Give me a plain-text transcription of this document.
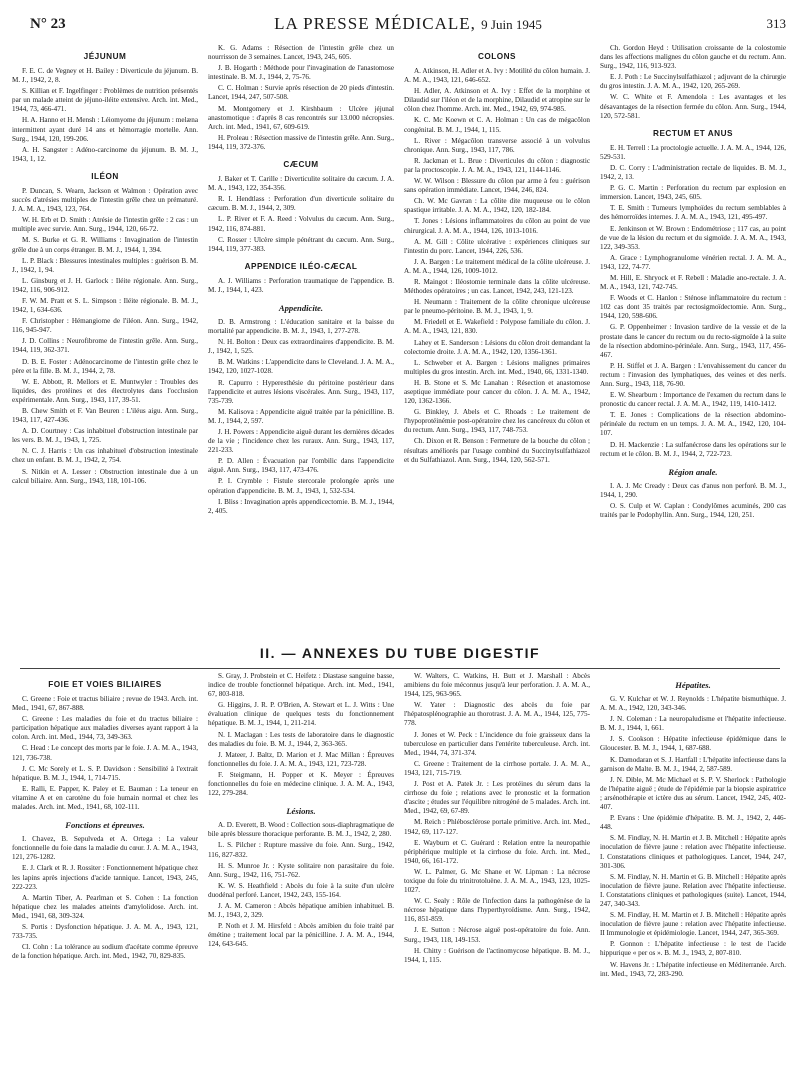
N° 23	LA PRESSE MÉDICALE, 9 Juin 1945	313
JÉJUNUM

F. E. C. de Vegney et H. Bailey : Diverticule du jéjunum. B. M. J., 1942, 2, 8.

S. Killian et F. Ingelfinger : Problèmes de nutrition présentés par un malade atteint de jéjuno-iléite extensive. Arch. int. Med., 1944, 73, 466-471.

H. A. Hanno et H. Mensh : Léiomyome du jéjunum : melæna intermittent ayant duré 14 ans et hémorragie mortelle. Ann. Surg., 1944, 120, 199-206.

A. H. Sangster : Adéno-carcinome du jéjunum. B. M. J., 1943, 1, 12.

ILÉON

P. Duncan, S. Wearn, Jackson et Walmon : Opération avec succès d'atrésies multiples de l'intestin grêle chez un prématuré. J. A. M. A., 1943, 123, 764.

W. H. Erb et D. Smith : Atrésie de l'intestin grêle : 2 cas : un multiple avec survie. Ann. Surg., 1944, 120, 66-72.

M. S. Burke et G. R. Williams : Invagination de l'intestin grêle due à un corps étranger. B. M. J., 1944, 1, 394.

L. P. Black : Blessures intestinales multiples : guérison B. M. J., 1942, 1, 94.

L. Ginsburg et J. H. Garlock : Iléite régionale. Ann. Surg., 1942, 116, 906-912.

F. W. M. Pratt et S. L. Simpson : Iléite régionale. B. M. J., 1942, 1, 634-636.

F. Christopher : Hémangiome de l'iléon. Ann. Surg., 1942, 116, 945-947.

J. D. Collins : Neurofibrome de l'intestin grêle. Ann. Surg., 1944, 119, 362-371.

D. B. E. Foster : Adénocarcinome de l'intestin grêle chez le père et la fille. B. M. J., 1944, 2, 78.

W. E. Abbott, R. Mellors et E. Muntwyler : Troubles des liquides, des protéines et des électrolytes dans l'occlusion expérimentale. Ann. Surg., 1943, 117, 39-51.

B. Chew Smith et F. Van Beuren : L'iléus aigu. Ann. Surg., 1943, 117, 427-436.

A. D. Courtney : Cas inhabituel d'obstruction intestinale par les vers. B. M. J., 1943, 1, 725.

N. C. J. Harris : Un cas inhabituel d'obstruction intestinale chez un enfant. B. M. J., 1942, 2, 754.

S. Nitkin et A. Lesser : Obstruction intestinale due à un calcul biliaire. Ann. Surg., 1943, 118, 101-106.

K. G. Adams : Résection de l'intestin grêle chez un nourrisson de 3 semaines. Lancet, 1943, 245, 605.

J. B. Hogarth : Méthode pour l'invagination de l'anastomose intestinale. B. M. J., 1944, 2, 75-76.

C. C. Holman : Survie après résection de 20 pieds d'intestin. Lancet, 1944, 247, 507-508.

M. Montgomery et J. Kirshbaum : Ulcère jéjunal anastomotique : d'après 8 cas rencontrés sur 13.000 nécropsies. Arch. int. Med., 1941, 67, 609-619.

H. Proleau : Résection massive de l'intestin grêle. Ann. Surg., 1944, 119, 372-376.

CÆCUM

J. Baker et T. Carille : Diverticulite solitaire du cæcum. J. A. M. A., 1943, 122, 354-356.

R. I. Hendtlass : Perforation d'un diverticule solitaire du cæcum. B. M. J., 1944, 2, 309.

L. P. River et F. A. Reed : Volvulus du cæcum. Ann. Surg., 1942, 116, 874-881.

C. Rosser : Ulcère simple pénétrant du cæcum. Ann. Surg., 1944, 119, 377-383.

APPENDICE ILÉO-CÆCAL

A. J. Williams : Perforation traumatique de l'appendice. B. M. J., 1944, 1, 423.

Appendicite.

D. B. Armstrong : L'éducation sanitaire et la baisse du mortalité par appendicite. B. M. J., 1943, 1, 277-278.

N. H. Bolton : Deux cas extraordinaires d'appendicite. B. M. J., 1942, 1, 525.

B. M. Watkins : L'appendicite dans le Cleveland. J. A. M. A., 1942, 120, 1027-1028.

R. Capurro : Hyperesthésie du péritoine postérieur dans l'appendicite et autres lésions viscérales. Ann. Surg., 1943, 117, 735-739.

M. Kalisova : Appendicite aiguë traitée par la pénicilline. B. M. J., 1944, 2, 597.

J. H. Powers : Appendicite aiguë durant les dernières décades de la vie ; l'incidence chez les ruraux. Ann. Surg., 1943, 117, 221-233.

P. D. Allen : Évacuation par l'ombilic dans l'appendicite aiguë. Ann. Surg., 1943, 117, 473-476.

P. I. Crymble : Fistule stercorale prolongée après une opération d'appendicite. B. M. J., 1943, 1, 532-534.

I. Bliss : Invagination après appendicectomie. B. M. J., 1944, 2, 405.

COLONS

A. Atkinson, H. Adler et A. Ivy : Motilité du côlon humain. J. A. M. A., 1943, 121, 646-652.

H. Adler, A. Atkinson et A. Ivy : Effet de la morphine et Dilaudid sur l'iléon et de la morphine, Dilaudid et atropine sur le côlon chez l'homme. Arch. int. Med., 1942, 69, 974-985.

K. C. Mc Koewn et C. A. Holman : Un cas de mégacôlon congénital. B. M. J., 1944, 1, 115.

L. River : Mégacôlon transverse associé à un volvulus chronique. Ann. Surg., 1943, 117, 786.

R. Jackman et L. Brue : Diverticules du côlon : diagnostic par la proctoscopie. J. A. M. A., 1943, 121, 1144-1146.

W. W. Wilson : Blessure du côlon par arme à feu : guérison sans opération immédiate. Lancet, 1944, 246, 824.

Ch. W. Mc Gavran : La côlite dite muqueuse ou le côlon spastique irritable. J. A. M. A., 1942, 120, 182-184.

T. Jones : Lésions inflammatoires du côlon au point de vue chirurgical. J. A. M. A., 1944, 126, 1013-1016.

A. M. Gill : Côlite ulcérative : expériences cliniques sur l'intestin du porc. Lancet, 1944, 226, 536.

J. A. Bargen : Le traitement médical de la côlite ulcéreuse. J. A. M. A., 1944, 126, 1009-1012.

R. Maingot : Iléostomie terminale dans la côlite ulcéreuse. Méthodes opératoires ; un cas. Lancet, 1942, 243, 121-123.

H. Neumann : Traitement de la côlite chronique ulcéreuse par le pneumo-péritoine. B. M. J., 1943, 1, 9.

M. Friedell et E. Wakefield : Polypose familiale du côlon. J. A. M. A., 1943, 121, 830.

Lahey et E. Sanderson : Lésions du côlon droit demandant la colectomie droite. J. A. M. A., 1942, 120, 1356-1361.

L. Schweber et A. Bargen : Lésions malignes primaires multiples du gros intestin. Arch. int. Med., 1940, 66, 1331-1340.

H. B. Stone et S. Mc Lanahan : Résection et anastomose aseptique immédiate pour cancer du côlon. J. A. M. A., 1942, 120, 1362-1366.

G. Binkley, J. Abels et C. Rhoads : Le traitement de l'hypoprotéinémie post-opératoire chez les cancéreux du côlon et du rectum. Ann. Surg., 1943, 117, 748-753.

Ch. Dixon et R. Benson : Fermeture de la bouche du côlon ; résultats améliorés par l'usage combiné du Succinylsulfathiazol et du Sulfathiazol. Ann. Surg., 1944, 120, 562-571.

Ch. Gordon Heyd : Utilisation croissante de la colostomie dans les affections malignes du côlon gauche et du rectum. Ann. Surg., 1942, 116, 913-923.

E. J. Poth : Le Succinylsulfathiazol ; adjuvant de la chirurgie du gros intestin. J. A. M. A., 1942, 120, 265-269.

W. C. White et F. Amendola : Les avantages et les désavantages de la résection fermée du côlon. Ann. Surg., 1944, 120, 572-581.

RECTUM ET ANUS

E. H. Terrell : La proctologie actuelle. J. A. M. A., 1944, 126, 529-531.

D. C. Corry : L'administration rectale de liquides. B. M. J., 1942, 2, 13.

P. G. C. Martin : Perforation du rectum par explosion en immersion. Lancet, 1943, 245, 605.

T. E. Smith : Tumeurs lymphoïdes du rectum semblables à des hémorroïdes internes. J. A. M. A., 1943, 121, 495-497.

E. Jenkinson et W. Brown : Endométriose ; 117 cas, au point de vue de la lésion du rectum et du sigmoïde. J. A. M. A., 1943, 122, 349-353.

A. Grace : Lymphogranulome vénérien rectal. J. A. M. A., 1943, 122, 74-77.

M. Hill, E. Shryock et F. Rebell : Maladie ano-rectale. J. A. M. A., 1943, 121, 742-745.

F. Woods et C. Hanlon : Sténose inflammatoire du rectum : 102 cas dont 35 traités par rectosigmoïdectomie. Ann. Surg., 1944, 120, 598-606.

G. P. Oppenheimer : Invasion tardive de la vessie et de la prostate dans le cancer du rectum ou du recto-sigmoïde à la suite de la résection abdomino-périnéale. Ann. Surg., 1943, 117, 456-467.

P. H. Stiffel et J. A. Bargen : L'envahissement du cancer du rectum : l'invasion des lymphatiques, des veines et des nerfs. Ann. Surg., 1943, 118, 76-90.

E. W. Shearburn : Importance de l'examen du rectum dans le pronostic du cancer rectal. J. A. M. A., 1942, 119, 1410-1412.

T. E. Jones : Complications de la résection abdomino-périnéale du rectum en un temps. J. A. M. A., 1942, 120, 104-107.

D. H. Mackenzie : La sulfanécrose dans les opérations sur le rectum et le côlon. B. M. J., 1944, 2, 722-723.

Région anale.

I. A. J. Mc Cready : Deux cas d'anus non perforé. B. M. J., 1944, 1, 290.

O. S. Culp et W. Caplan : Condylômes acuminés, 200 cas traités par le Podophyllin. Ann. Surg., 1944, 120, 251.

II. — ANNEXES DU TUBE DIGESTIF
FOIE ET VOIES BILIAIRES

C. Greene : Foie et tractus biliaire ; revue de 1943. Arch. int. Med., 1941, 67, 867-888.

C. Greene : Les maladies du foie et du tractus biliaire : participation hépatique aux maladies diverses ayant rapport à la colon. Arch. int. Med., 1944, 73, 349-363.

C. Head : Le concept des morts par le foie. J. A. M. A., 1943, 121, 736-738.

J. C. Mc Sorely et L. S. P. Davidson : Sensibilité à l'extrait hépatique. B. M. J., 1944, 1, 714-715.

E. Ralli, E. Papper, K. Paley et E. Bauman : La teneur en vitamine A et en carotène du foie humain normal et chez les malades. Arch. int. Med., 1941, 68, 102-111.

Fonctions et épreuves.

I. Chavez, B. Sepulveda et A. Ortega : La valeur fonctionnelle du foie dans la maladie du cœur. J. A. M. A., 1943, 121, 276-1282.

E. J. Clark et R. J. Rossiter : Fonctionnement hépatique chez les lapins après injections d'acide tannique. Lancet, 1943, 245, 222-223.

A. Martin Tiber, A. Pearlman et S. Cohen : La fonction hépatique chez les malades atteints d'amylolidose. Arch. int. Med., 1941, 68, 309-324.

S. Portis : Dysfonction hépatique. J. A. M. A., 1943, 121, 733-735.

Cl. Cohn : La tolérance au sodium d'acétate comme épreuve de la fonction hépatique. Arch. int. Med., 1942, 70, 829-835.

S. Gray, J. Probstein et C. Heifetz : Diastase sanguine basse, indice de trouble fonctionnel hépatique. Arch. int. Med., 1941, 67, 803-818.

G. Higgins, J. R. P. O'Brien, A. Stewart et L. J. Witts : Une évaluation clinique de quelques tests du fonctionnement hépatique. B. M. J., 1944, 1, 211-214.

N. I. Maclagan : Les tests de laboratoire dans le diagnostic des maladies du foie. B. M. J., 1944, 2, 363-365.

J. Mateer, J. Baltz, D. Marion et J. Mac Millan : Épreuves fonctionnelles du foie. J. A. M. A., 1943, 121, 723-728.

F. Steigmann, H. Popper et K. Meyer : Épreuves fonctionnelles du foie en médecine clinique. J. A. M. A., 1943, 122, 279-284.

Lésions.

A. D. Everett, B. Wood : Collection sous-diaphragmatique de bile après blessure thoracique perforante. B. M. J., 1942, 2, 280.

L. S. Pilcher : Rupture massive du foie. Ann. Surg., 1942, 116, 827-832.

H. S. Munroe Jr. : Kyste solitaire non parasitaire du foie. Ann. Surg., 1942, 116, 751-762.

K. W. S. Heathfield : Abcès du foie à la suite d'un ulcère duodénal perforé. Lancet, 1942, 243, 155-164.

J. A. M. Cameron : Abcès hépatique amibien inhabituel. B. M. J., 1943, 2, 329.

P. Noth et J. M. Hirsfeld : Abcès amibien du foie traité par émétine ; traitement local par la pénicilline. J. A. M. A., 1944, 124, 643-645.

W. Walters, C. Watkins, H. Butt et J. Marshall : Abcès amibiens du foie méconnus jusqu'à leur perforation. J. A. M. A., 1944, 125, 963-965.

W. Yater : Diagnostic des abcès du foie par l'hépatosplénographie au thorotrast. J. A. M. A., 1944, 125, 775-778.

J. Jones et W. Peck : L'incidence du foie graisseux dans la tuberculose en particulier dans l'entérite tuberculeuse. Arch. int. Med., 1944, 74, 371-374.

C. Greene : Traitement de la cirrhose portale. J. A. M. A., 1943, 121, 715-719.

J. Post et A. Patek Jr. : Les protéines du sérum dans la cirrhose du foie ; relations avec le pronostic et la formation d'ascite ; études sur l'équilibre nitrogéné de 5 malades. Arch. int. Med., 1942, 69, 67-89.

M. Reich : Phlébosclérose portale primitive. Arch. int. Med., 1942, 69, 117-127.

E. Wayburn et C. Guérard : Relation entre la neuropathie périphérique multiple et la cirrhose du foie. Arch. int. Med., 1940, 66, 161-172.

W. L. Palmer, G. Mc Shane et W. Lipman : La nécrose toxique du foie du trinitrotoluène. J. A. M. A., 1943, 123, 1025-1027.

W. C. Sealy : Rôle de l'infection dans la pathogénèse de la nécrose hépatique dans l'hyperthyroïdisme. Ann. Surg., 1942, 116, 851-859.

J. E. Sutton : Nécrose aiguë post-opératoire du foie. Ann. Surg., 1943, 118, 149-153.

H. Chitty : Guérison de l'actinomycose hépatique. B. M. J., 1944, 1, 115.

Hépatites.

G. V. Kulchar et W. J. Reynolds : L'hépatite bismuthique. J. A. M. A., 1942, 120, 343-346.

J. N. Coleman : La neuropaludisme et l'hépatite infectieuse. B. M. J., 1944, 1, 661.

J. S. Cookson : Hépatite infectieuse épidémique dans le Gloucester. B. M. J., 1944, 1, 687-688.

K. Damodaran et S. J. Hartfall : L'hépatite infectieuse dans la garnison de Malte. B. M. J., 1944, 2, 587-589.

J. N. Dible, M. Mc Michael et S. P. V. Sherlock : Pathologie de l'hépatite aiguë ; étude de l'épidémie par la biopsie aspiratrice ; arsénothérapie et ictère dus au sérum. Lancet, 1942, 245, 402-407.

P. Evans : Une épidémie d'hépatite. B. M. J., 1942, 2, 446-448.

S. M. Findlay, N. H. Martin et J. B. Mitchell : Hépatite après inoculation de fièvre jaune : relation avec l'hépatite infectieuse. I. Constatations cliniques et pathologiques. Lancet, 1944, 247, 301-306.

S. M. Findlay, N. H. Martin et G. B. Mitchell : Hépatite après inoculation de fièvre jaune. Relation avec l'hépatite infectieuse. I. Constatations cliniques et pathologiques (suite). Lancet, 1944, 247, 340-343.

S. M. Findlay, H. M. Martin et J. B. Mitchell : Hépatite après inoculation de fièvre jaune : relation avec l'hépatite infectieuse. II Immunologie et épidémiologie. Lancet, 1944, 247, 365-369.

P. Gonnon : L'hépatite infectieuse : le test de l'acide hippurique « per os ». B. M. J., 1943, 2, 807-810.

W. Havens Jr. : L'hépatite infectieuse en Méditerranée. Arch. int. Med., 1943, 72, 283-290.
